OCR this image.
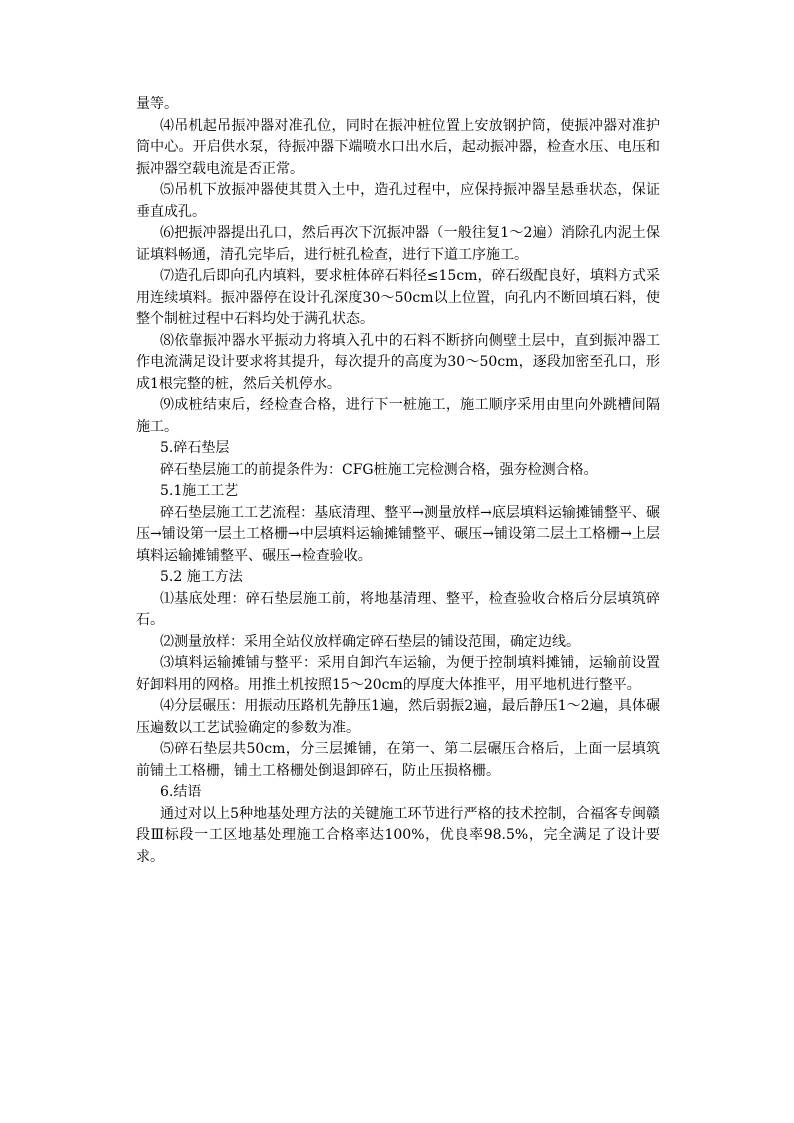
量等。

⑷吊机起吊振冲器对准孔位，同时在振冲桩位置上安放钢护筒，使振冲器对准护筒中心。开启供水泵，待振冲器下端喷水口出水后，起动振冲器，检查水压、电压和振冲器空载电流是否正常。

⑸吊机下放振冲器使其贯入土中，造孔过程中，应保持振冲器呈悬垂状态，保证垂直成孔。

⑹把振冲器提出孔口，然后再次下沉振冲器（一般往复1～2遍）消除孔内泥土保证填料畅通，清孔完毕后，进行桩孔检查，进行下道工序施工。

⑺造孔后即向孔内填料，要求桩体碎石料径≤15cm，碎石级配良好，填料方式采用连续填料。振冲器停在设计孔深度30～50cm以上位置，向孔内不断回填石料，使整个制桩过程中石料均处于满孔状态。

⑻依靠振冲器水平振动力将填入孔中的石料不断挤向侧壁土层中，直到振冲器工作电流满足设计要求将其提升，每次提升的高度为30～50cm，逐段加密至孔口，形成1根完整的桩，然后关机停水。

⑼成桩结束后，经检查合格，进行下一桩施工，施工顺序采用由里向外跳槽间隔施工。

5.碎石垫层

碎石垫层施工的前提条件为：CFG桩施工完检测合格，强夯检测合格。

5.1施工工艺

碎石垫层施工工艺流程：基底清理、整平→测量放样→底层填料运输摊铺整平、碾压→铺设第一层土工格栅→中层填料运输摊铺整平、碾压→铺设第二层土工格栅→上层填料运输摊铺整平、碾压→检查验收。

5.2 施工方法

⑴基底处理：碎石垫层施工前，将地基清理、整平，检查验收合格后分层填筑碎石。

⑵测量放样：采用全站仪放样确定碎石垫层的铺设范围，确定边线。

⑶填料运输摊铺与整平：采用自卸汽车运输，为便于控制填料摊铺，运输前设置好卸料用的网格。用推土机按照15～20cm的厚度大体推平，用平地机进行整平。

⑷分层碾压：用振动压路机先静压1遍，然后弱振2遍，最后静压1～2遍，具体碾压遍数以工艺试验确定的参数为准。

⑸碎石垫层共50cm，分三层摊铺，在第一、第二层碾压合格后，上面一层填筑前铺土工格栅，铺土工格栅处倒退卸碎石，防止压损格栅。

6.结语

通过对以上5种地基处理方法的关键施工环节进行严格的技术控制，合福客专闽赣段Ⅲ标段一工区地基处理施工合格率达100%，优良率98.5%，完全满足了设计要求。
